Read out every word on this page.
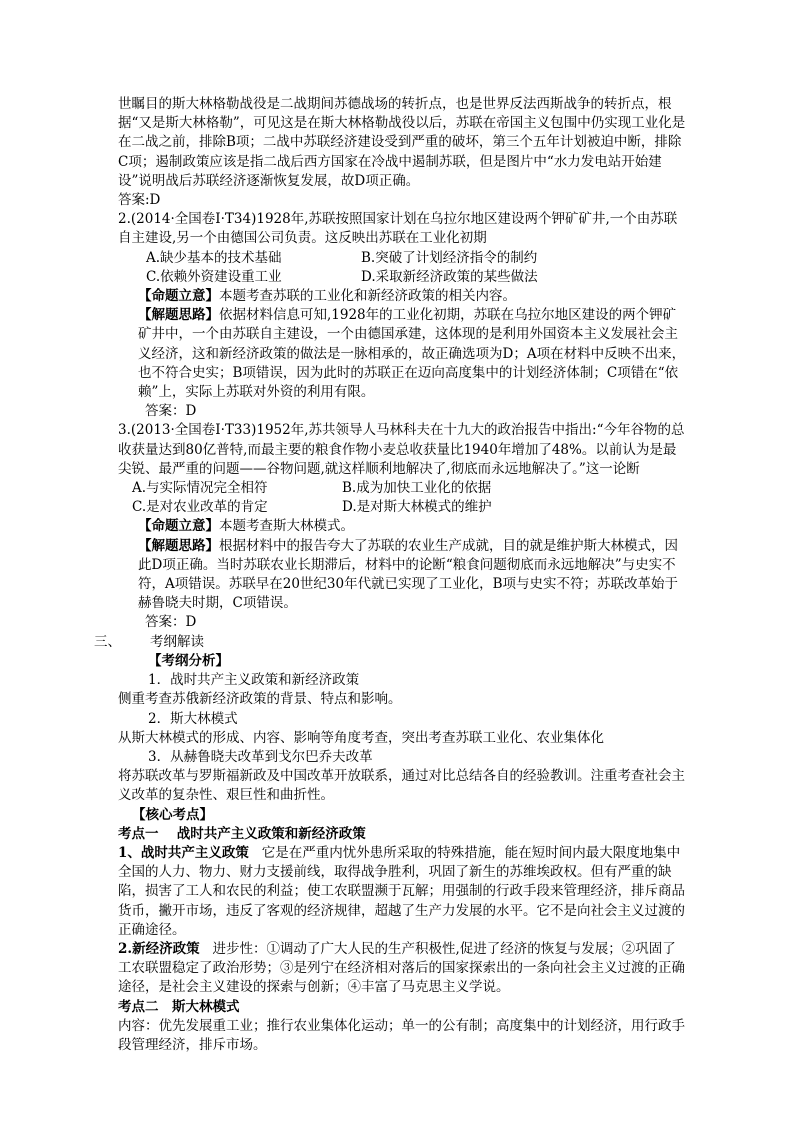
世瞩目的斯大林格勒战役是二战期间苏德战场的转折点，也是世界反法西斯战争的转折点，根据“又是斯大林格勒”，可见这是在斯大林格勒战役以后，苏联在帝国主义包围中仍实现工业化是在二战之前，排除B项；二战中苏联经济建设受到严重的破坏，第三个五年计划被迫中断，排除C项；遏制政策应该是指二战后西方国家在冷战中遏制苏联，但是图片中“水力发电站开始建设”说明战后苏联经济逐渐恢复发展，故D项正确。

答案:D

2.(2014·全国卷Ⅰ·T34)1928年,苏联按照国家计划在乌拉尔地区建设两个钾矿矿井,一个由苏联自主建设,另一个由德国公司负责。这反映出苏联在工业化初期

A.缺少基本的技术基础	B.突破了计划经济指令的制约
C.依赖外资建设重工业	D.采取新经济政策的某些做法

【命题立意】本题考查苏联的工业化和新经济政策的相关内容。

【解题思路】依据材料信息可知,1928年的工业化初期，苏联在乌拉尔地区建设的两个钾矿矿井中，一个由苏联自主建设，一个由德国承建，这体现的是利用外国资本主义发展社会主义经济，这和新经济政策的做法是一脉相承的，故正确选项为D；A项在材料中反映不出来，也不符合史实；B项错误，因为此时的苏联正在迈向高度集中的计划经济体制；C项错在“依赖”上，实际上苏联对外资的利用有限。

答案：D

3.(2013·全国卷Ⅰ·T33)1952年,苏共领导人马林科夫在十九大的政治报告中指出:“今年谷物的总收获量达到80亿普特,而最主要的粮食作物小麦总收获量比1940年增加了48%。以前认为是最尖锐、最严重的问题——谷物问题,就这样顺利地解决了,彻底而永远地解决了。”这一论断

A.与实际情况完全相符	B.成为加快工业化的依据
C.是对农业改革的肯定	D.是对斯大林模式的维护

【命题立意】本题考查斯大林模式。

【解题思路】根据材料中的报告夸大了苏联的农业生产成就，目的就是维护斯大林模式，因此D项正确。当时苏联农业长期滞后，材料中的论断“粮食问题彻底而永远地解决”与史实不符，A项错误。苏联早在20世纪30年代就已实现了工业化，B项与史实不符；苏联改革始于赫鲁晓夫时期，C项错误。

答案：D

三、 考纲解读

【考纲分析】

1．战时共产主义政策和新经济政策

侧重考查苏俄新经济政策的背景、特点和影响。

2．斯大林模式

从斯大林模式的形成、内容、影响等角度考查，突出考查苏联工业化、农业集体化

3．从赫鲁晓夫改革到戈尔巴乔夫改革

将苏联改革与罗斯福新政及中国改革开放联系，通过对比总结各自的经验教训。注重考查社会主义改革的复杂性、艰巨性和曲折性。

【核心考点】

考点一　 战时共产主义政策和新经济政策

1、战时共产主义政策 它是在严重内忧外患所采取的特殊措施，能在短时间内最大限度地集中全国的人力、物力、财力支援前线，取得战争胜利，巩固了新生的苏维埃政权。但有严重的缺陷，损害了工人和农民的利益；使工农联盟濒于瓦解；用强制的行政手段来管理经济，排斥商品货币，撇开市场，违反了客观的经济规律，超越了生产力发展的水平。它不是向社会主义过渡的正确途径。

2.新经济政策 进步性：①调动了广大人民的生产积极性,促进了经济的恢复与发展；②巩固了工农联盟稳定了政治形势；③是列宁在经济相对落后的国家探索出的一条向社会主义过渡的正确途径，是社会主义建设的探索与创新；④丰富了马克思主义学说。

考点二　斯大林模式

内容：优先发展重工业；推行农业集体化运动；单一的公有制；高度集中的计划经济，用行政手段管理经济，排斥市场。
